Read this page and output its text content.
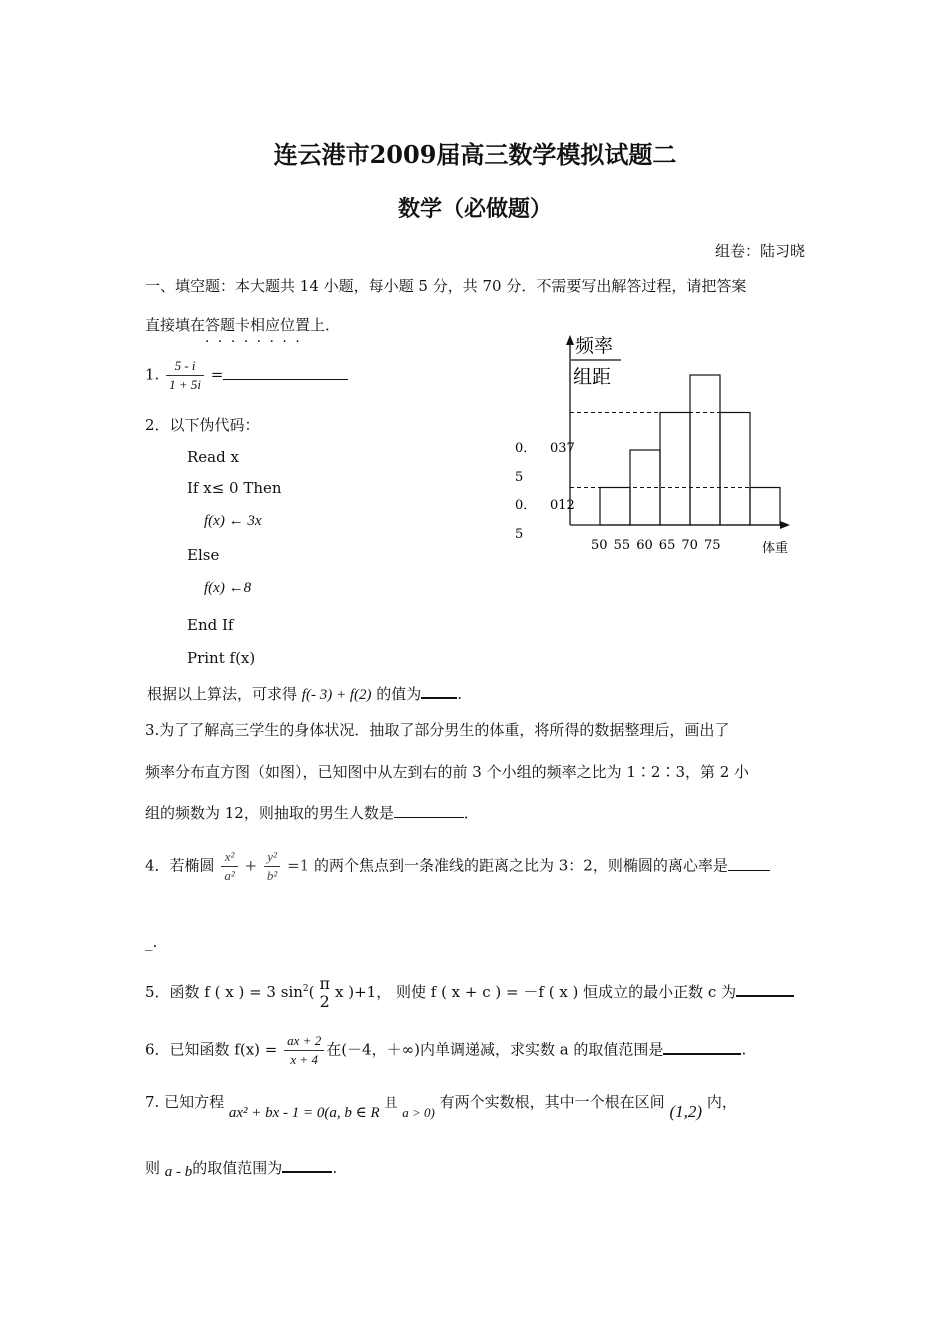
连云港市2009届高三数学模拟试题二
数学（必做题）
组卷：陆习晓
一、填空题：本大题共 14 小题，每小题 5 分，共 70 分．不需要写出解答过程，请把答案
直接填在答题卡相应位置上 · · ·．
1. $\frac{5 - i}{1 + 5i}$ =
2．以下伪代码：
Read x
If x≤ 0 Then
f(x) ← 3x
Else
f(x) ←8
End If
Print f(x)
根据以上算法，可求得 f(- 3) + f(2) 的值为 .
50 55 60 65 70 75
频率
组距
体重
0． 037
5
0． 012
5
3.为了了解高三学生的身体状况．抽取了部分男生的体重，将所得的数据整理后，画出了
频率分布直方图（如图），已知图中从左到右的前 3 个小组的频率之比为 1∶2∶3，第 2 小
组的频数为 12，则抽取的男生人数是	．
4．若椭圆 $\frac{\text{x²}}{\text{a²}} + \frac{\text{y²}}{\text{b²}} =1$ 的两个焦点到一条准线的距离之比为 3：2，则椭圆的离心率是
_.
5．函数 f ( x ) = 3 $\sin^2$( π
2 x )+1， 则使 f ( x + c ) = －f ( x ) 恒成立的最小正数 c 为
6．已知函数 $f(x) = \frac{ax + 2}{x + 4}$ 在(－4，＋∞)内单调递减，求实数 a 的取值范围是	.
7. 已知方程 ax² + bx - 1 = 0(a, b ∈ R 且 a > 0) 有两个实数根，其中一个根在区间 (1,2) 内，
则 a - b的取值范围为	.
